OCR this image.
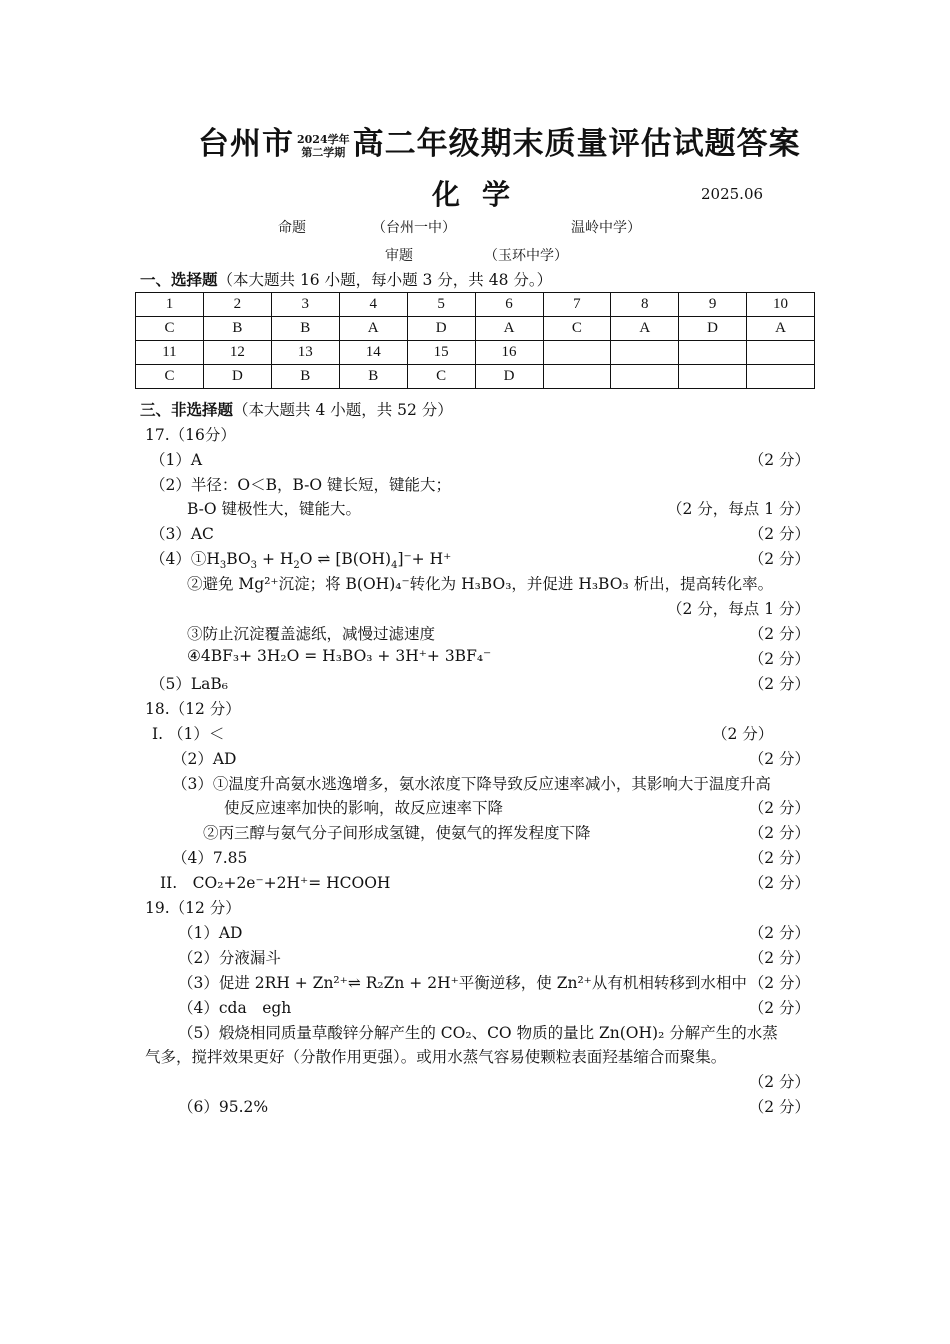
台州市 2024学年
第二学期 高二年级期末质量评估试题答案
化学	2025.06
命题	（台州一中）	温岭中学）
审题	（玉环中学）
一、选择题（本大题共 16 小题，每小题 3 分，共 48 分。）
1	2	3	4	5	6	7	8	9	10
C	B	B	A	D	A	C	A	D	A
11	12	13	14	15	16				
C	D	B	B	C	D				
三、非选择题（本大题共 4 小题，共 52 分）
17.（16分）
（1）A	（2 分）
（2）半径：O＜B，B-O 键长短，键能大；
B-O 键极性大，键能大。	（2 分，每点 1 分）
（3）AC	（2 分）
$(4)①H_3BO_3 + H_2O$ ⇌ $[B(OH)_4]^-+ H^+$	（2 分）
②避免 Mg²⁺沉淀；将 B(OH)₄⁻转化为 H₃BO₃，并促进 H₃BO₃ 析出，提高转化率。
（2 分，每点 1 分）
③防止沉淀覆盖滤纸，减慢过滤速度	（2 分）
④4BF₃+ 3H₂O = H₃BO₃ + 3H⁺+ 3BF₄⁻	（2 分）
（5）LaB₆	（2 分）
18.（12 分）
I. （1）＜	（2 分）
（2）AD	（2 分）
（3）①温度升高氨水逃逸增多，氨水浓度下降导致反应速率减小，其影响大于温度升高
使反应速率加快的影响，故反应速率下降	（2 分）
②丙三醇与氨气分子间形成氢键，使氨气的挥发程度下降	（2 分）
（4）7.85	（2 分）
II.　CO₂+2e⁻+2H⁺= HCOOH	（2 分）
19.（12 分）
（1）AD	（2 分）
（2）分液漏斗	（2 分）
（3）促进 2RH + Zn²⁺⇌ R₂Zn + 2H⁺平衡逆移，使 Zn²⁺从有机相转移到水相中 （2 分）
（4）cda　egh	（2 分）
（5）煅烧相同质量草酸锌分解产生的 CO₂、CO 物质的量比 Zn(OH)₂ 分解产生的水蒸
气多，搅拌效果更好（分散作用更强）。或用水蒸气容易使颗粒表面羟基缩合而聚集。
（2 分）
（6）95.2%	（2 分）
